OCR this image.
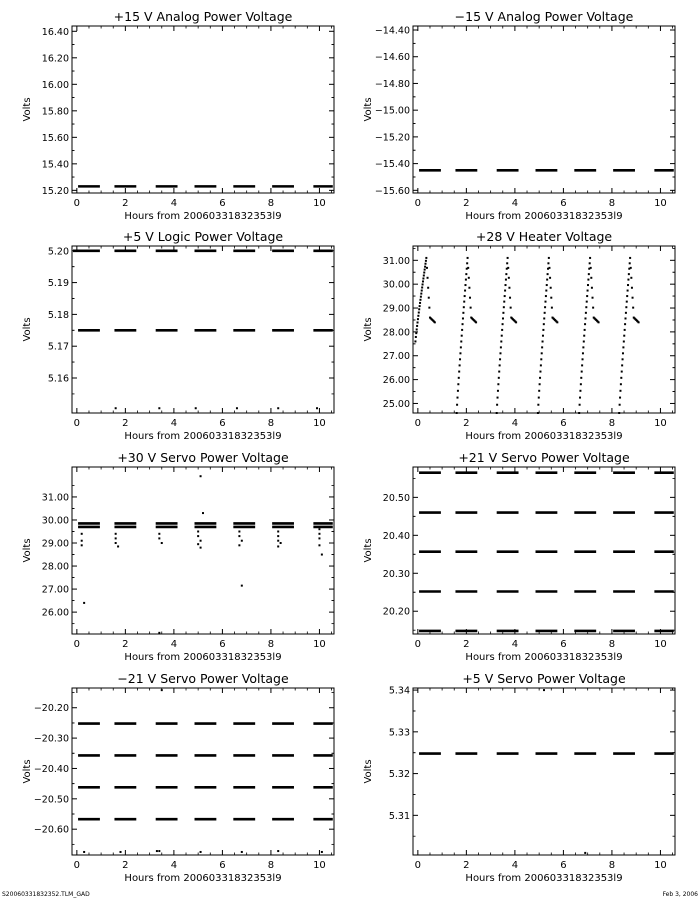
+15 V Analog Power Voltage
Volts
Hours from 20060331832353l9
0	2	4	6	8	10
15.20
15.40
15.60
15.80
16.00
16.20
16.40
−15 V Analog Power Voltage
Volts
Hours from 20060331832353l9
0	2	4	6	8	10
−14.40
−14.60
−14.80
−15.00
−15.20
−15.40
−15.60
+5 V Logic Power Voltage
Volts
Hours from 20060331832353l9
0	2	4	6	8	10
5.16
5.17
5.18
5.19
5.20
+28 V Heater Voltage
Volts
Hours from 20060331832353l9
0	2	4	6	8	10
25.00
26.00
27.00
28.00
29.00
30.00
31.00
+30 V Servo Power Voltage
Volts
Hours from 20060331832353l9
0	2	4	6	8	10
26.00
27.00
28.00
29.00
30.00
31.00
+21 V Servo Power Voltage
Volts
Hours from 20060331832353l9
0	2	4	6	8	10
20.20
20.30
20.40
20.50
−21 V Servo Power Voltage
Volts
Hours from 20060331832353l9
0	2	4	6	8	10
−20.20
−20.30
−20.40
−20.50
−20.60
+5 V Servo Power Voltage
Volts
Hours from 20060331832353l9
0	2	4	6	8	10
5.31
5.32
5.33
5.34
S20060331832352.TLM_GAD	Feb 3, 2006
